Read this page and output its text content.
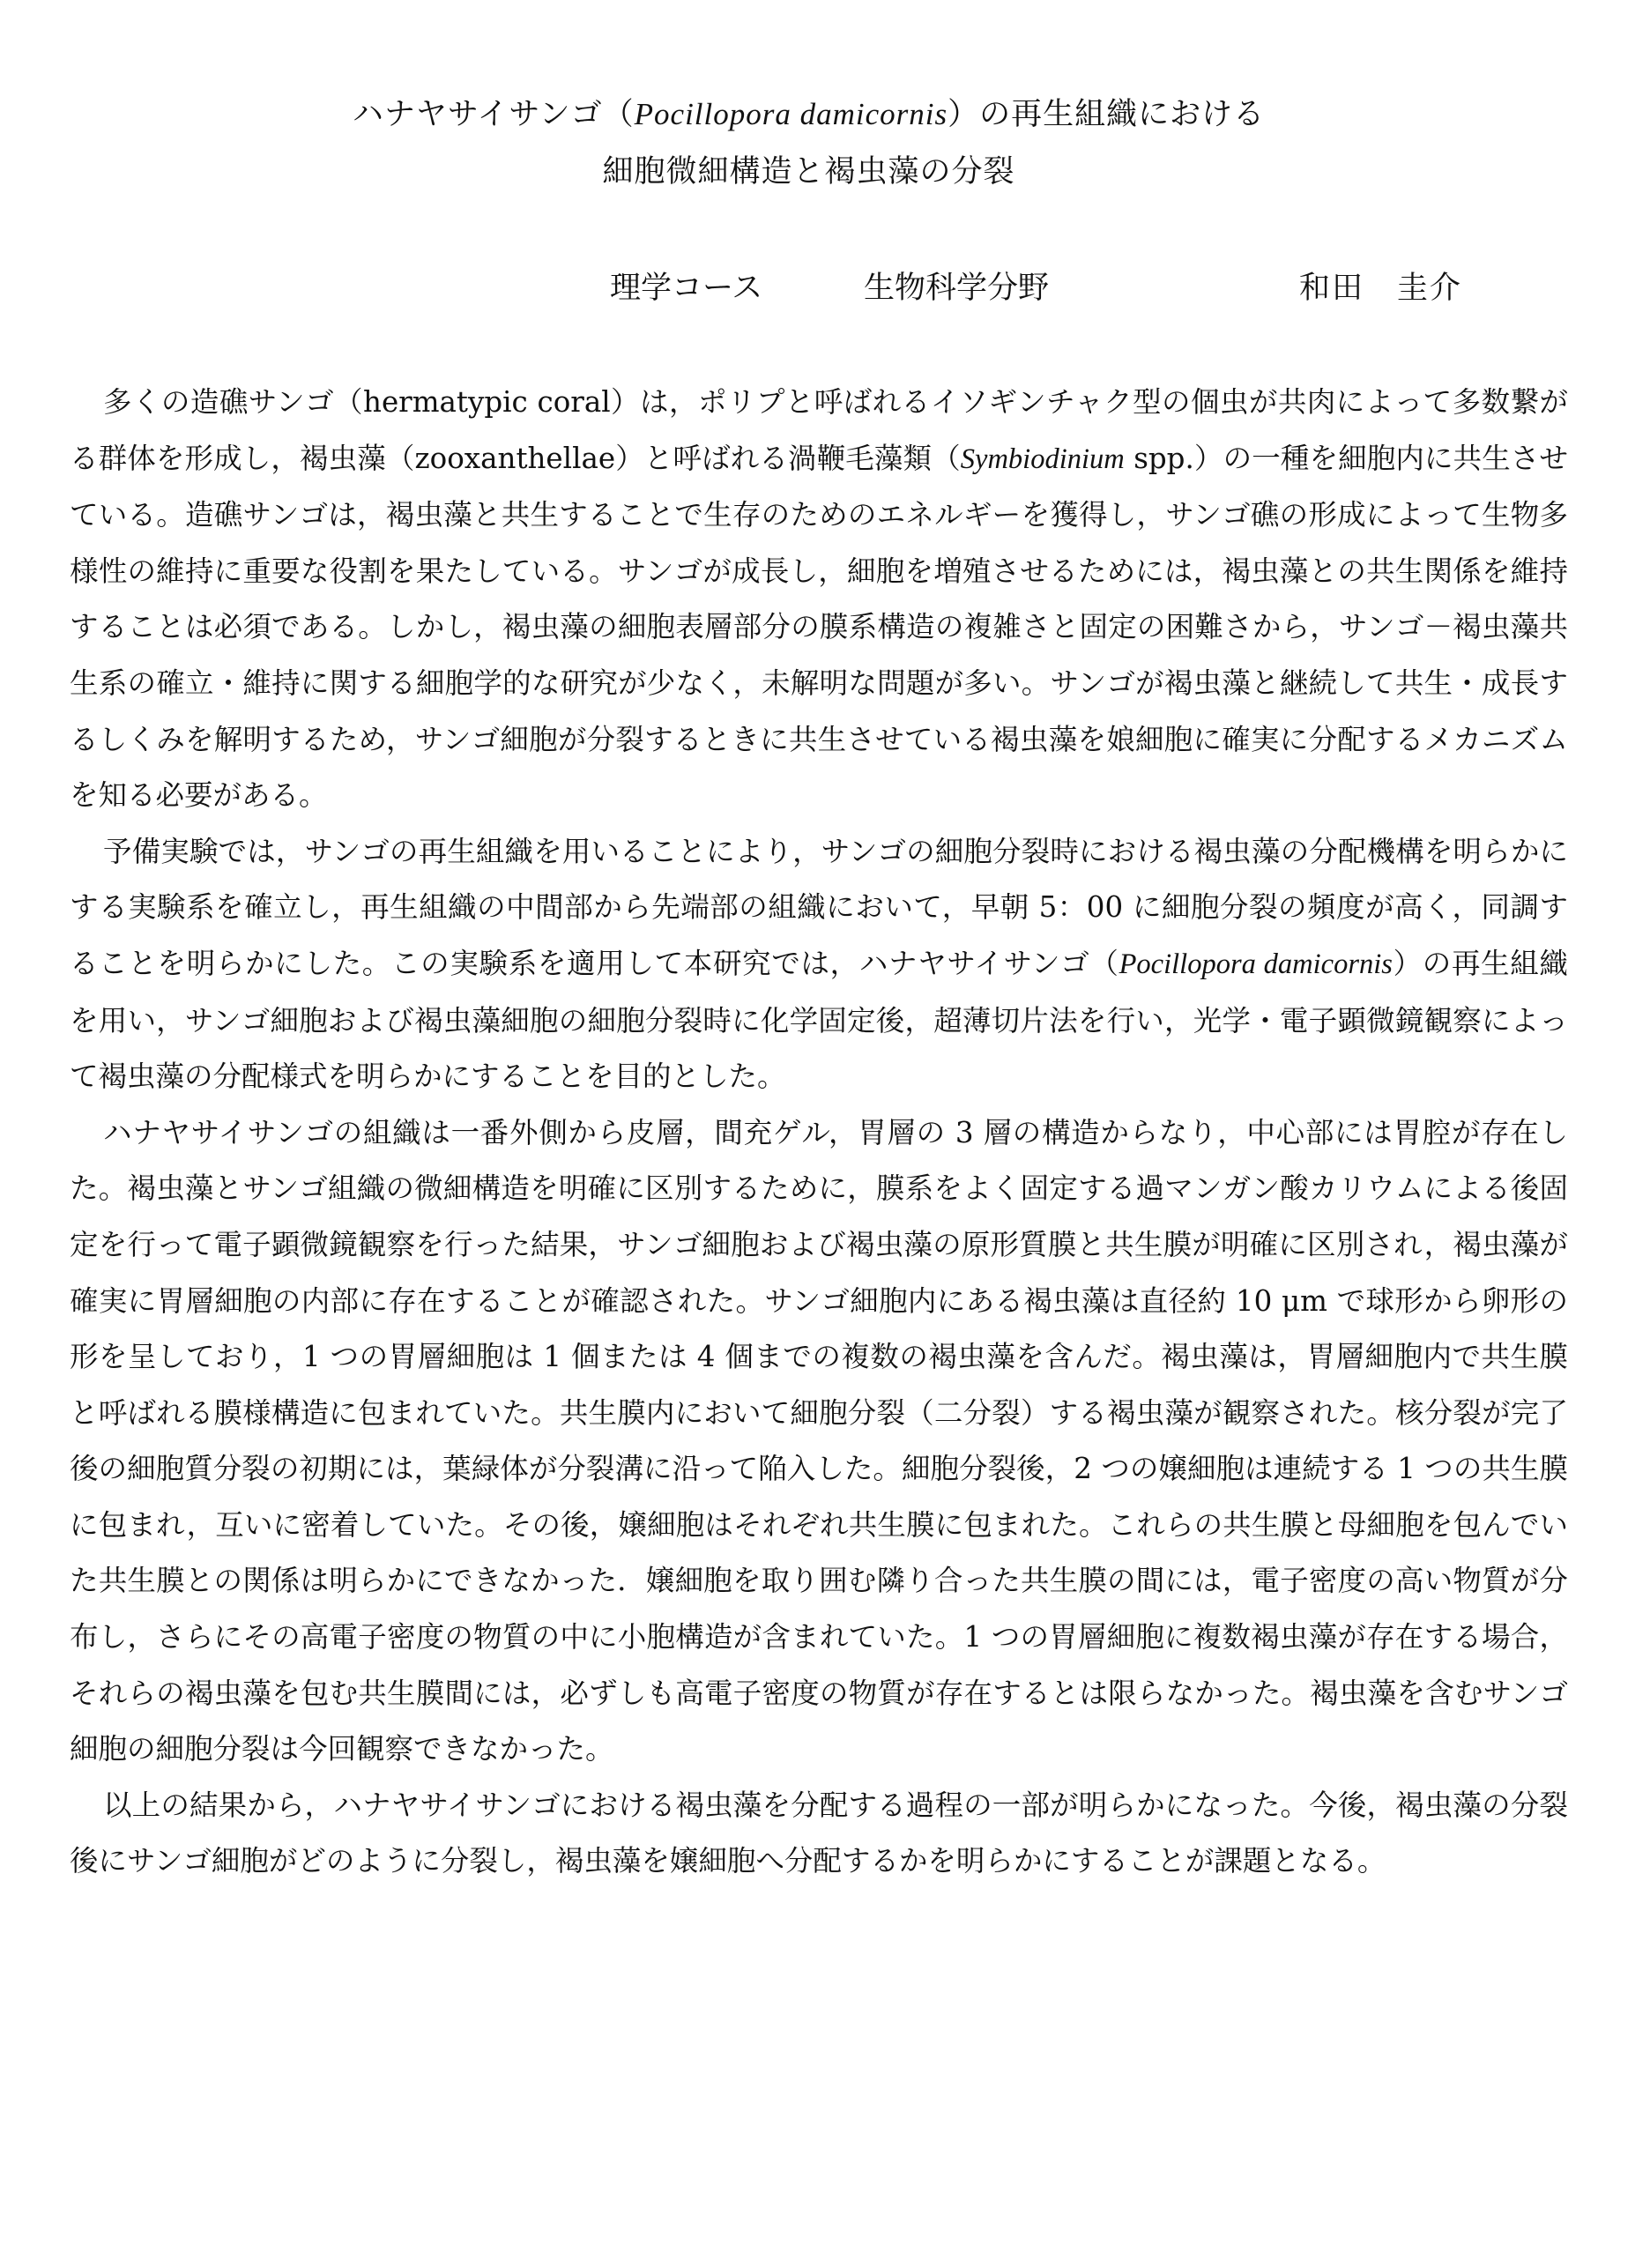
ハナヤサイサンゴ（Pocillopora damicornis）の再生組織における
細胞微細構造と褐虫藻の分裂
理学コース	生物科学分野	和田　圭介

多くの造礁サンゴ（hermatypic coral）は，ポリプと呼ばれるイソギンチャク型の個虫が共肉によって多数繋がる群体を形成し，褐虫藻（zooxanthellae）と呼ばれる渦鞭毛藻類（Symbiodinium spp.）の一種を細胞内に共生させている。造礁サンゴは，褐虫藻と共生することで生存のためのエネルギーを獲得し，サンゴ礁の形成によって生物多様性の維持に重要な役割を果たしている。サンゴが成長し，細胞を増殖させるためには，褐虫藻との共生関係を維持することは必須である。しかし，褐虫藻の細胞表層部分の膜系構造の複雑さと固定の困難さから，サンゴ－褐虫藻共生系の確立・維持に関する細胞学的な研究が少なく，未解明な問題が多い。サンゴが褐虫藻と継続して共生・成長するしくみを解明するため，サンゴ細胞が分裂するときに共生させている褐虫藻を娘細胞に確実に分配するメカニズムを知る必要がある。

予備実験では，サンゴの再生組織を用いることにより，サンゴの細胞分裂時における褐虫藻の分配機構を明らかにする実験系を確立し，再生組織の中間部から先端部の組織において，早朝 5：00 に細胞分裂の頻度が高く，同調することを明らかにした。この実験系を適用して本研究では，ハナヤサイサンゴ（Pocillopora damicornis）の再生組織を用い，サンゴ細胞および褐虫藻細胞の細胞分裂時に化学固定後，超薄切片法を行い，光学・電子顕微鏡観察によって褐虫藻の分配様式を明らかにすることを目的とした。

ハナヤサイサンゴの組織は一番外側から皮層，間充ゲル，胃層の 3 層の構造からなり，中心部には胃腔が存在した。褐虫藻とサンゴ組織の微細構造を明確に区別するために，膜系をよく固定する過マンガン酸カリウムによる後固定を行って電子顕微鏡観察を行った結果，サンゴ細胞および褐虫藻の原形質膜と共生膜が明確に区別され，褐虫藻が確実に胃層細胞の内部に存在することが確認された。サンゴ細胞内にある褐虫藻は直径約 10 μm で球形から卵形の形を呈しており，1 つの胃層細胞は 1 個または 4 個までの複数の褐虫藻を含んだ。褐虫藻は，胃層細胞内で共生膜と呼ばれる膜様構造に包まれていた。共生膜内において細胞分裂（二分裂）する褐虫藻が観察された。核分裂が完了後の細胞質分裂の初期には，葉緑体が分裂溝に沿って陥入した。細胞分裂後，2 つの嬢細胞は連続する 1 つの共生膜に包まれ，互いに密着していた。その後，嬢細胞はそれぞれ共生膜に包まれた。これらの共生膜と母細胞を包んでいた共生膜との関係は明らかにできなかった．嬢細胞を取り囲む隣り合った共生膜の間には，電子密度の高い物質が分布し，さらにその高電子密度の物質の中に小胞構造が含まれていた。1 つの胃層細胞に複数褐虫藻が存在する場合，それらの褐虫藻を包む共生膜間には，必ずしも高電子密度の物質が存在するとは限らなかった。褐虫藻を含むサンゴ細胞の細胞分裂は今回観察できなかった。

以上の結果から，ハナヤサイサンゴにおける褐虫藻を分配する過程の一部が明らかになった。今後，褐虫藻の分裂後にサンゴ細胞がどのように分裂し，褐虫藻を嬢細胞へ分配するかを明らかにすることが課題となる。
